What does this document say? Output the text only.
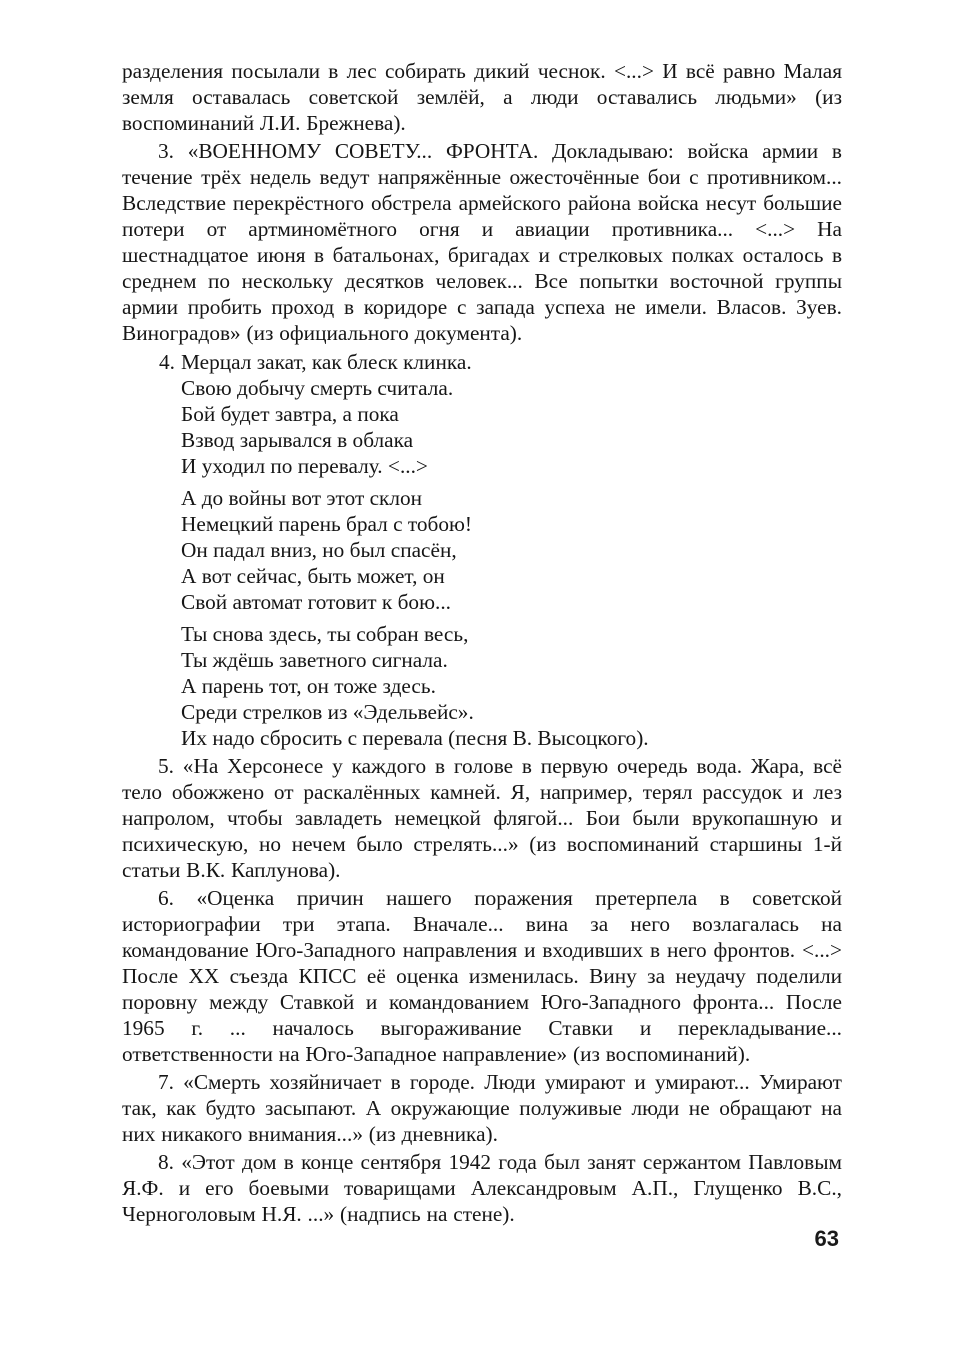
разделения посылали в лес собирать дикий чеснок. <...> И всё равно Малая земля оставалась советской землёй, а люди оставались людьми» (из воспоминаний Л.И. Брежнева).

3. «ВОЕННОМУ СОВЕТУ... ФРОНТА. Докладываю: войска армии в течение трёх недель ведут напряжённые ожесточённые бои с противником... Вследствие перекрёстного обстрела армейского района войска несут большие потери от артминомётного огня и авиации противника... <...> На шестнадцатое июня в батальонах, бригадах и стрелковых полках осталось в среднем по нескольку десятков человек... Все попытки восточной группы армии пробить проход в коридоре с запада успеха не имели. Власов. Зуев. Виноградов» (из официального документа).

4. Мерцал закат, как блеск клинка.
Свою добычу смерть считала.
Бой будет завтра, а пока
Взвод зарывался в облака
И уходил по перевалу. <...>
А до войны вот этот склон
Немецкий парень брал с тобою!
Он падал вниз, но был спасён,
А вот сейчас, быть может, он
Свой автомат готовит к бою...
Ты снова здесь, ты собран весь,
Ты ждёшь заветного сигнала.
А парень тот, он тоже здесь.
Среди стрелков из «Эдельвейс».
Их надо сбросить с перевала (песня В. Высоцкого).

5. «На Херсонесе у каждого в голове в первую очередь вода. Жара, всё тело обожжено от раскалённых камней. Я, например, терял рассудок и лез напролом, чтобы завладеть немецкой флягой... Бои были врукопашную и психическую, но нечем было стрелять...» (из воспоминаний старшины 1-й статьи В.К. Каплунова).

6. «Оценка причин нашего поражения претерпела в советской историографии три этапа. Вначале... вина за него возлагалась на командование Юго-Западного направления и входивших в него фронтов. <...> После XX съезда КПСС её оценка изменилась. Вину за неудачу поделили поровну между Ставкой и командованием Юго-Западного фронта... После 1965 г. ... началось выгораживание Ставки и перекладывание... ответственности на Юго-Западное направление» (из воспоминаний).

7. «Смерть хозяйничает в городе. Люди умирают и умирают... Умирают так, как будто засыпают. А окружающие полуживые люди не обращают на них никакого внимания...» (из дневника).

8. «Этот дом в конце сентября 1942 года был занят сержантом Павловым Я.Ф. и его боевыми товарищами Александровым А.П., Глущенко В.С., Черноголовым Н.Я. ...» (надпись на стене).

63
